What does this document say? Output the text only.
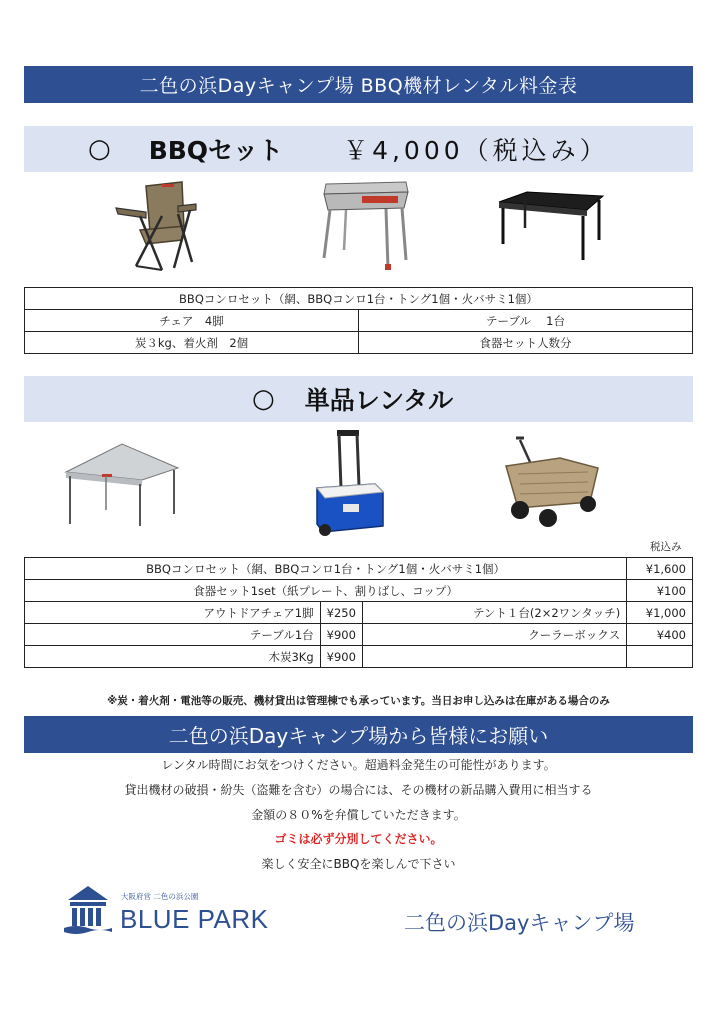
二色の浜Dayキャンプ場 BBQ機材レンタル料金表
○ BBQセット ￥4,000（税込み）
BBQコンロセット（網、BBQコンロ1台・トング1個・火バサミ1個）	
チェア　4脚	テーブル　 1台
炭３kg、着火剤　2個	食器セット人数分
○ 単品レンタル
税込み
BBQコンロセット（網、BBQコンロ1台・トング1個・火バサミ1個）			¥1,600
食器セット1set（紙プレート、割りばし、コップ）			¥100
アウトドアチェア1脚	¥250	テント１台(2×2ワンタッチ)	¥1,000
テーブル1台	¥900	クーラーボックス	¥400
木炭3Kg	¥900		
※炭・着火剤・電池等の販売、機材貸出は管理棟でも承っています。当日お申し込みは在庫がある場合のみ
二色の浜Dayキャンプ場から皆様にお願い
レンタル時間にお気をつけください。超過料金発生の可能性があります。
貸出機材の破損・紛失（盗難を含む）の場合には、その機材の新品購入費用に相当する
金額の８０%を弁償していただきます。
ゴミは必ず分別してください。
楽しく安全にBBQを楽しんで下さい
大阪府営 二色の浜公園
BLUE PARK	二色の浜Dayキャンプ場
